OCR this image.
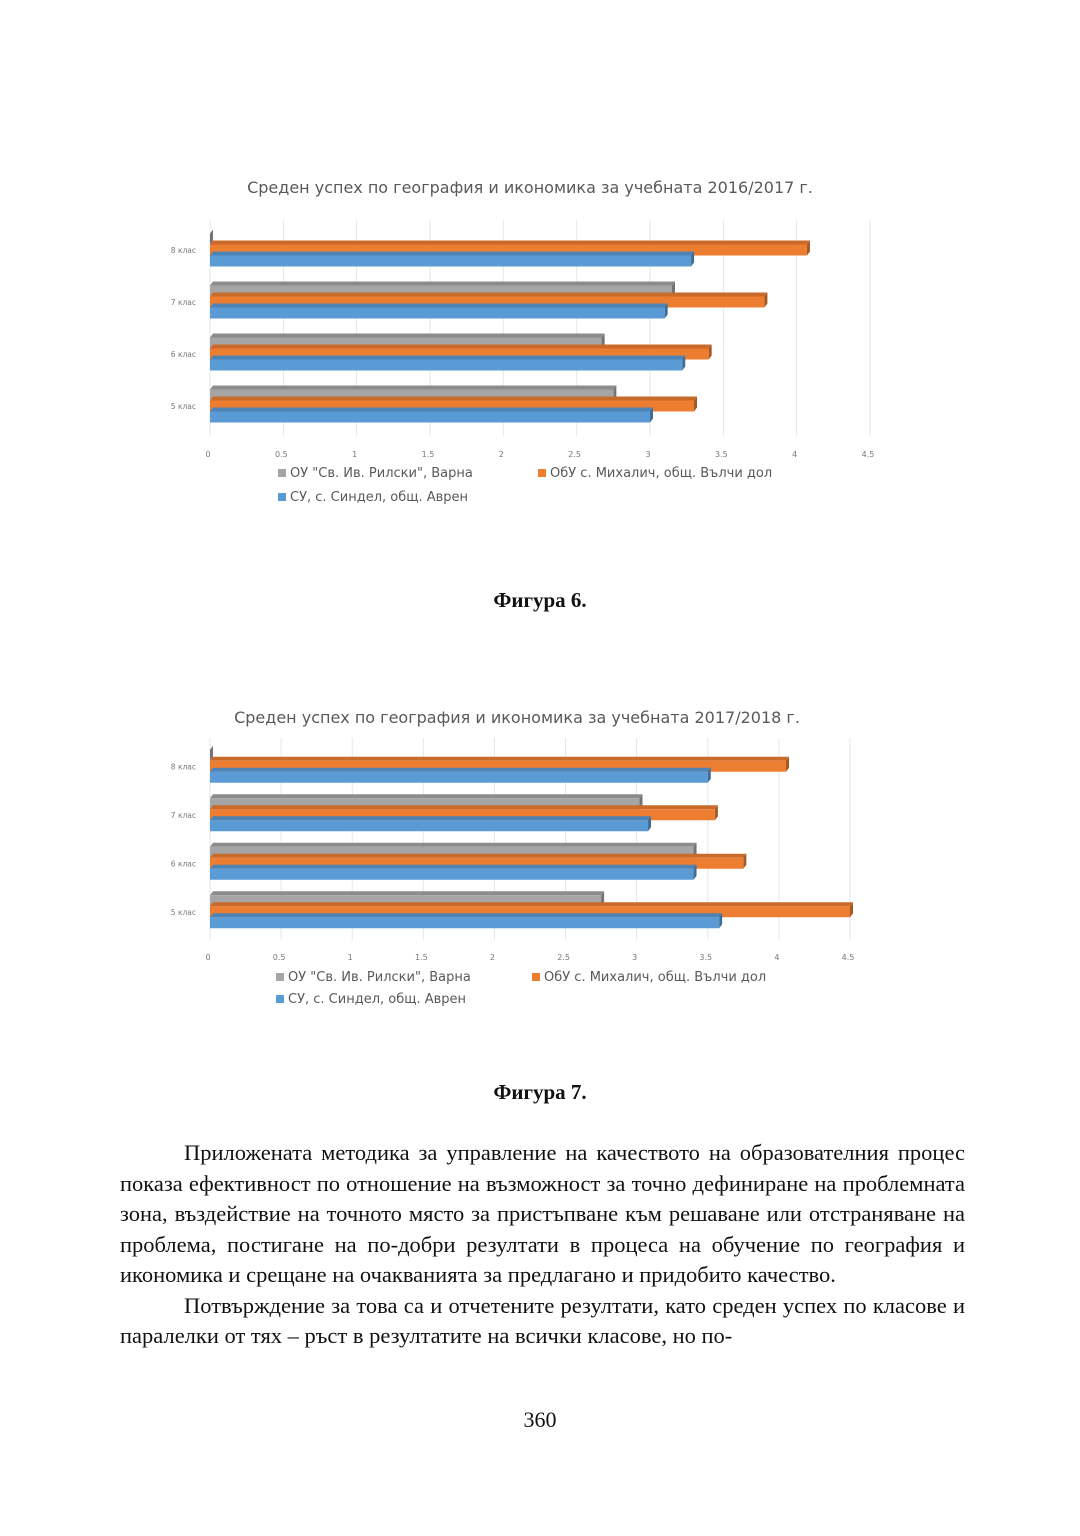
Среден успех по география и икономика за учебната 2016/2017 г.
0	0.5	1	1.5	2	2.5	3	3.5	4	4.5
5 клас
6 клас
7 клас
8 клас
ОУ "Св. Ив. Рилски", Варна	ОбУ с. Михалич, общ. Вълчи дол
СУ, с. Синдел, общ. Аврен
Фигура 6.
Среден успех по география и икономика за учебната 2017/2018 г.
0	0.5	1	1.5	2	2.5	3	3.5	4	4.5
5 клас
6 клас
7 клас
8 клас
ОУ "Св. Ив. Рилски", Варна	ОбУ с. Михалич, общ. Вълчи дол
СУ, с. Синдел, общ. Аврен
Фигура 7.

Приложената методика за управление на качеството на образователния процес показа ефективност по отношение на възможност за точно дефиниране на проблемната зона, въздействие на точното място за пристъпване към решаване или отстраняване на проблема, постигане на по-добри резултати в процеса на обучение по география и икономика и срещане на очакванията за предлагано и придобито качество.

Потвърждение за това са и отчетените резултати, като среден успех по класове и паралелки от тях – ръст в резултатите на всички класове, но по-

360
